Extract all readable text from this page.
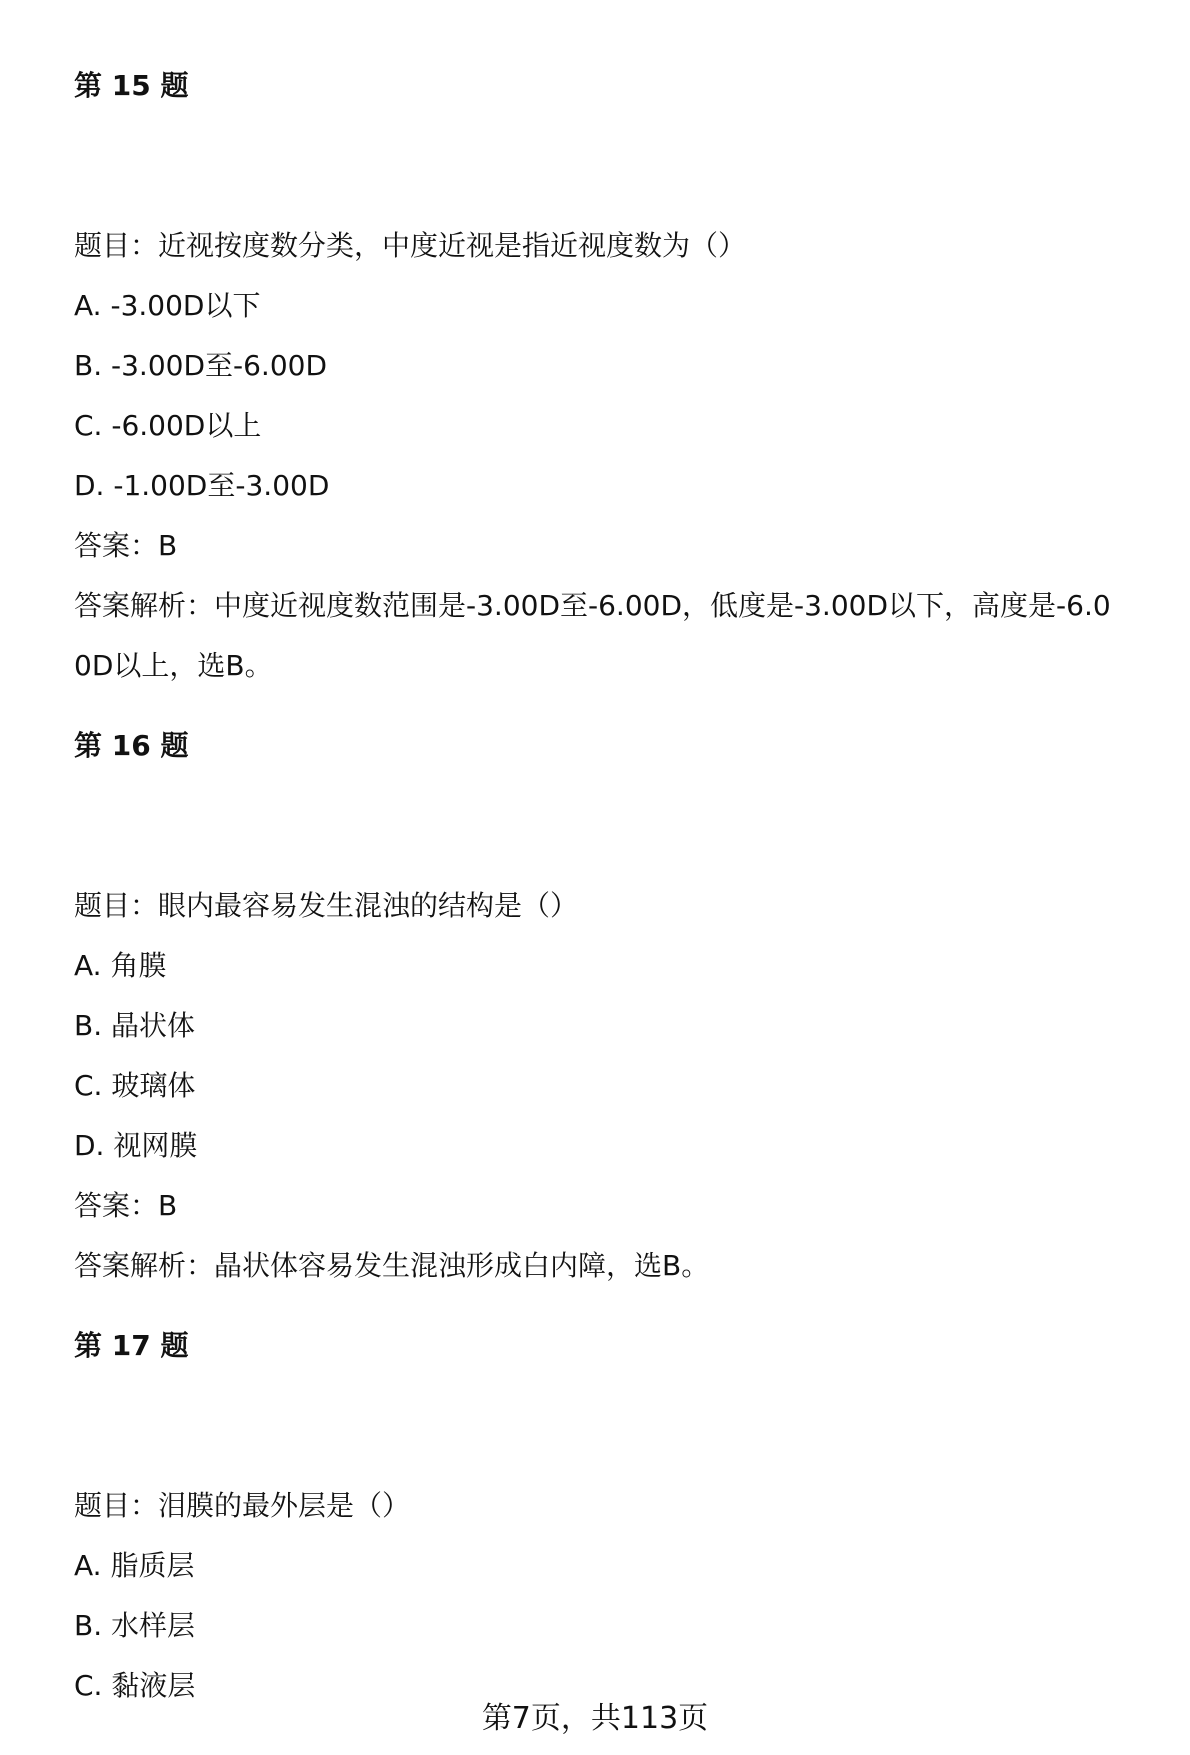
第 15 题

题目：近视按度数分类，中度近视是指近视度数为（）

A. -3.00D以下

B. -3.00D至-6.00D

C. -6.00D以上

D. -1.00D至-3.00D

答案：B

答案解析：中度近视度数范围是-3.00D至-6.00D，低度是-3.00D以下，高度是-6.00D以上，选B。

第 16 题

题目：眼内最容易发生混浊的结构是（）

A. 角膜

B. 晶状体

C. 玻璃体

D. 视网膜

答案：B

答案解析：晶状体容易发生混浊形成白内障，选B。

第 17 题

题目：泪膜的最外层是（）

A. 脂质层

B. 水样层

C. 黏液层

第7页，共113页
